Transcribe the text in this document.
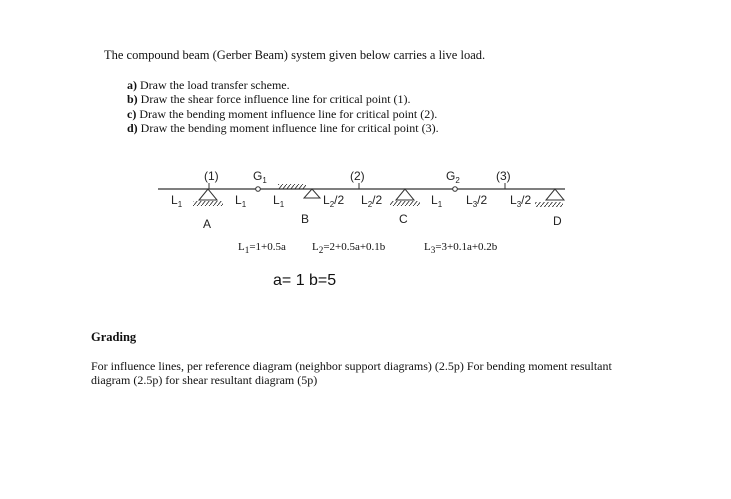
The compound beam (Gerber Beam) system given below carries a live load.
a) Draw the load transfer scheme.
b) Draw the shear force influence line for critical point (1).
c) Draw the bending moment influence line for critical point (2).
d) Draw the bending moment influence line for critical point (3).
(1)	(2)	(3)
$G_1$	$G_2$
$L_1$	$L_1$ $L_1$	$L_2/2$ $L_2/2$	$L_1$ $L_3/2$ $L_3/2$
A	B	C	D
$L_1=1+0.5a$ $L_2=2+0.5a+0.1b$	$L_3=3+0.1a+0.2b$
a= 1 b=5
Grading
For influence lines, per reference diagram (neighbor support diagrams) (2.5p) For bending moment resultant diagram (2.5p) for shear resultant diagram (5p)
